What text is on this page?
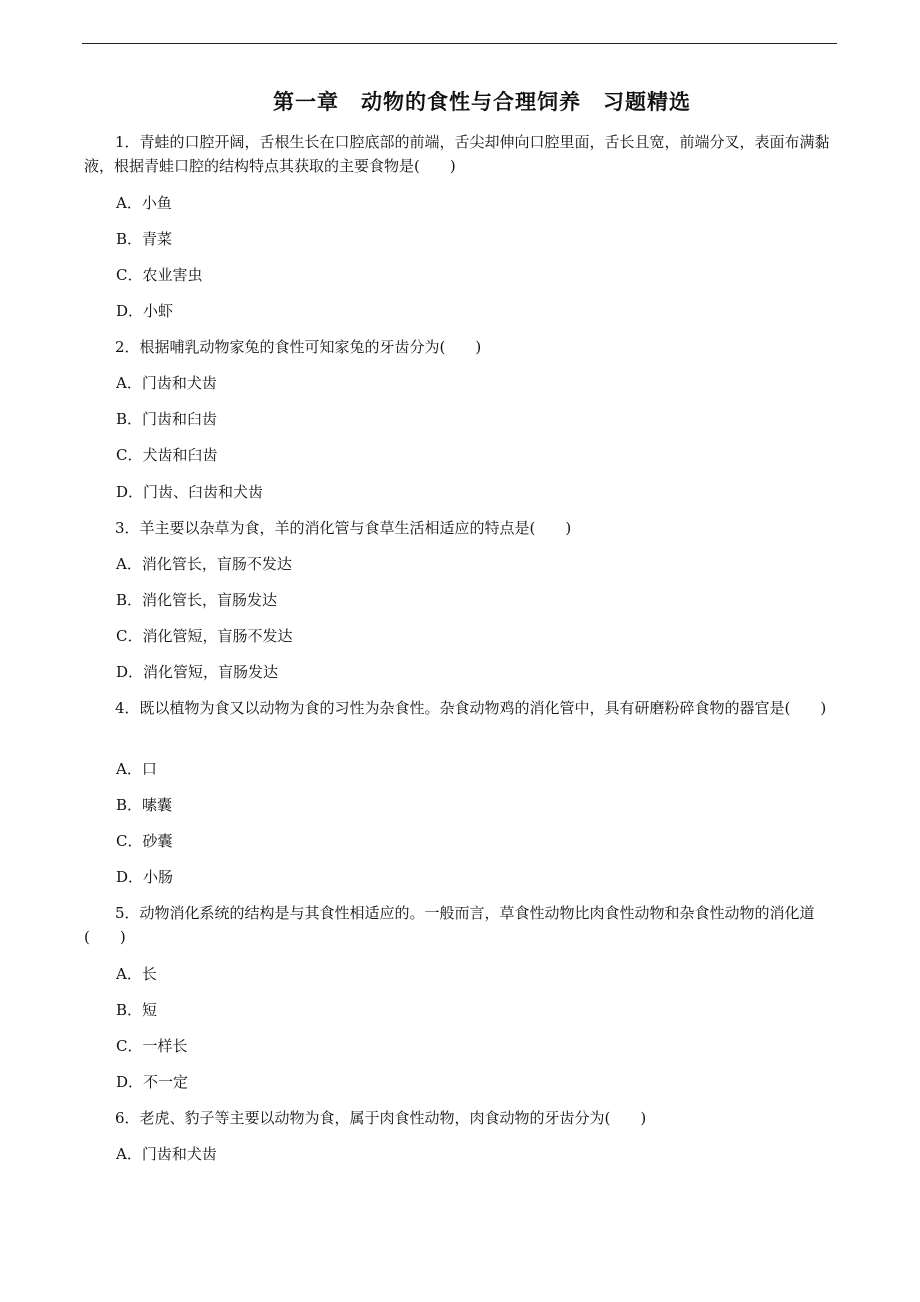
第一章　动物的食性与合理饲养　习题精选

1．青蛙的口腔开阔，舌根生长在口腔底部的前端，舌尖却伸向口腔里面，舌长且宽，前端分叉，表面布满黏液，根据青蛙口腔的结构特点其获取的主要食物是(　　)

A．小鱼

B．青菜

C．农业害虫

D．小虾

2．根据哺乳动物家兔的食性可知家兔的牙齿分为(　　)

A．门齿和犬齿

B．门齿和臼齿

C．犬齿和臼齿

D．门齿、臼齿和犬齿

3．羊主要以杂草为食，羊的消化管与食草生活相适应的特点是(　　)

A．消化管长，盲肠不发达

B．消化管长，盲肠发达

C．消化管短，盲肠不发达

D．消化管短，盲肠发达

4．既以植物为食又以动物为食的习性为杂食性。杂食动物鸡的消化管中，具有研磨粉碎食物的器官是(　　)

A．口

B．嗉囊

C．砂囊

D．小肠

5．动物消化系统的结构是与其食性相适应的。一般而言，草食性动物比肉食性动物和杂食性动物的消化道(　　)

A．长

B．短

C．一样长

D．不一定

6．老虎、豹子等主要以动物为食，属于肉食性动物，肉食动物的牙齿分为(　　)

A．门齿和犬齿
